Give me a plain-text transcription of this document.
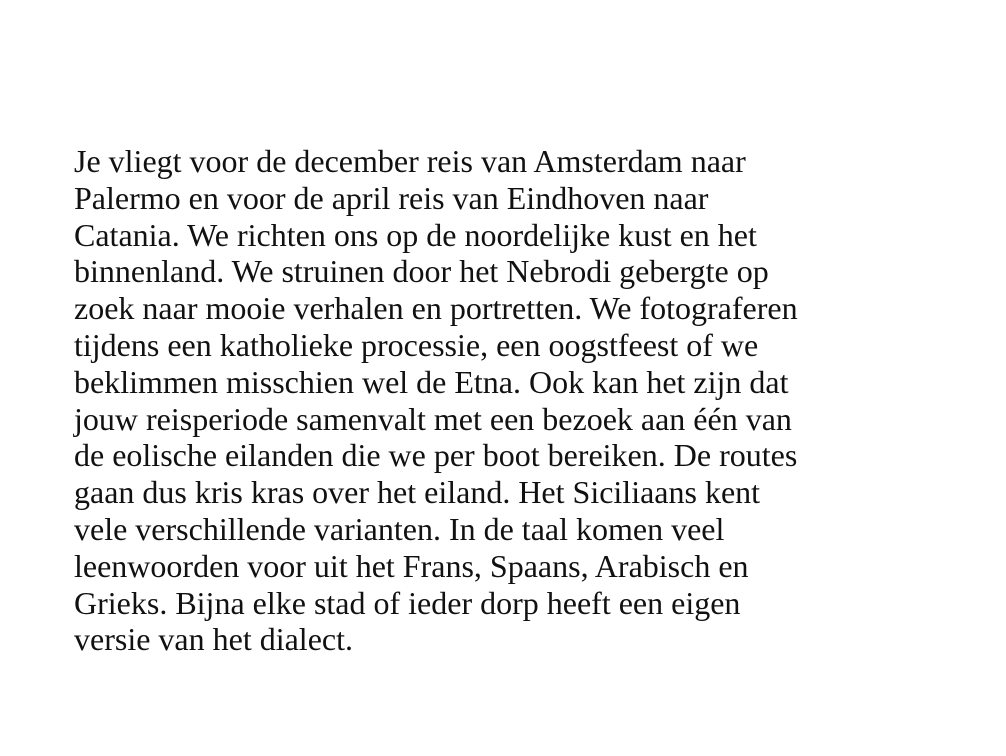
Je vliegt voor de december reis van Amsterdam naar
Palermo en voor de april reis van Eindhoven naar
Catania. We richten ons op de noordelijke kust en het
binnenland. We struinen door het Nebrodi gebergte op
zoek naar mooie verhalen en portretten. We fotograferen
tijdens een katholieke processie, een oogstfeest of we
beklimmen misschien wel de Etna. Ook kan het zijn dat
jouw reisperiode samenvalt met een bezoek aan één van
de eolische eilanden die we per boot bereiken. De routes
gaan dus kris kras over het eiland. Het Siciliaans kent
vele verschillende varianten. In de taal komen veel
leenwoorden voor uit het Frans, Spaans, Arabisch en
Grieks. Bijna elke stad of ieder dorp heeft een eigen
versie van het dialect.
